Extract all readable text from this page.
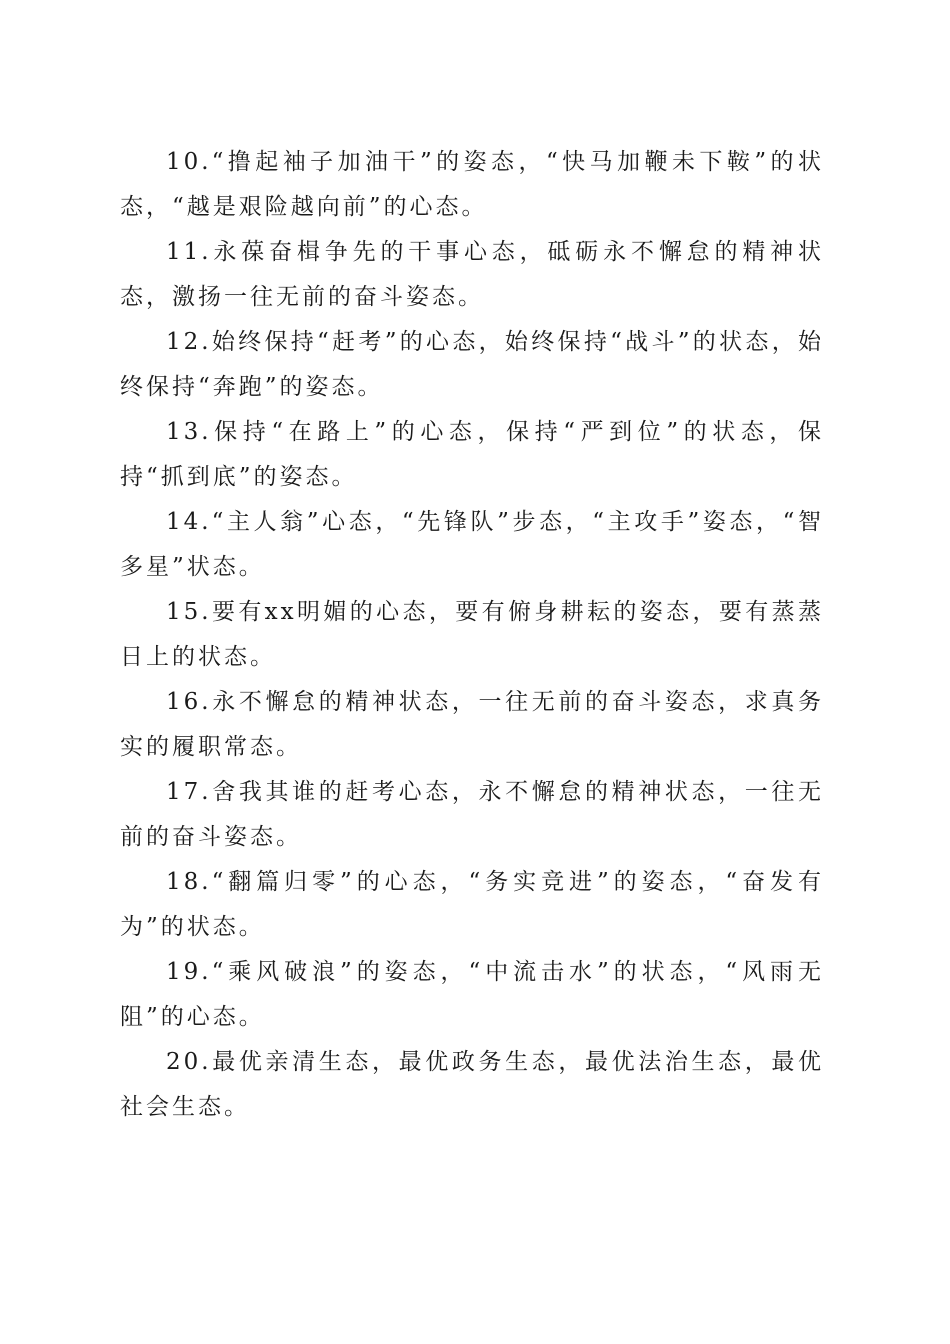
10.“撸起袖子加油干”的姿态，“快马加鞭未下鞍”的状态，“越是艰险越向前”的心态。

11.永葆奋楫争先的干事心态，砥砺永不懈怠的精神状态，激扬一往无前的奋斗姿态。

12.始终保持“赶考”的心态，始终保持“战斗”的状态，始终保持“奔跑”的姿态。

13.保持“在路上”的心态，保持“严到位”的状态，保持“抓到底”的姿态。

14.“主人翁”心态，“先锋队”步态，“主攻手”姿态，“智多星”状态。

15.要有xx明媚的心态，要有俯身耕耘的姿态，要有蒸蒸日上的状态。

16.永不懈怠的精神状态，一往无前的奋斗姿态，求真务实的履职常态。

17.舍我其谁的赶考心态，永不懈怠的精神状态，一往无前的奋斗姿态。

18.“翻篇归零”的心态，“务实竞进”的姿态，“奋发有为”的状态。

19.“乘风破浪”的姿态，“中流击水”的状态，“风雨无阻”的心态。

20.最优亲清生态，最优政务生态，最优法治生态，最优社会生态。
